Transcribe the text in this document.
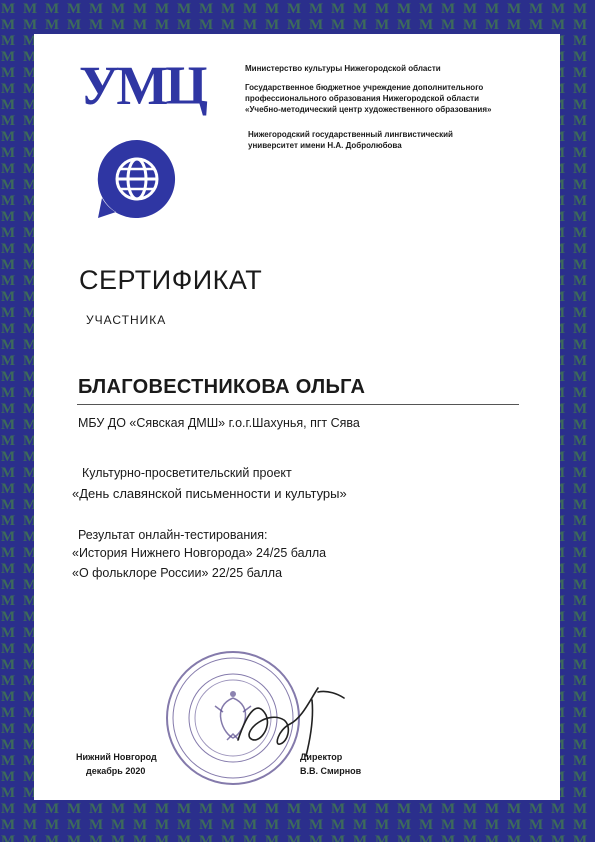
УМЦ	Министерство культуры Нижегородской области

Государственное бюджетное учреждение дополнительного

профессионального образования Нижегородской области

«Учебно-методический центр художественного образования»

Нижегородский государственный лингвистический

университет имени Н.А. Добролюбова

СЕРТИФИКАТ

УЧАСТНИКА

БЛАГОВЕСТНИКОВА ОЛЬГА

МБУ ДО «Сявская ДМШ» г.о.г.Шахунья, пгт Сява

Культурно-просветительский проект

«День славянской письменности и культуры»

Результат онлайн-тестирования:

«История Нижнего Новгорода» 24/25 балла

«О фольклоре России» 22/25 балла

Нижний Новгород

декабрь 2020

Директор

В.В. Смирнов
